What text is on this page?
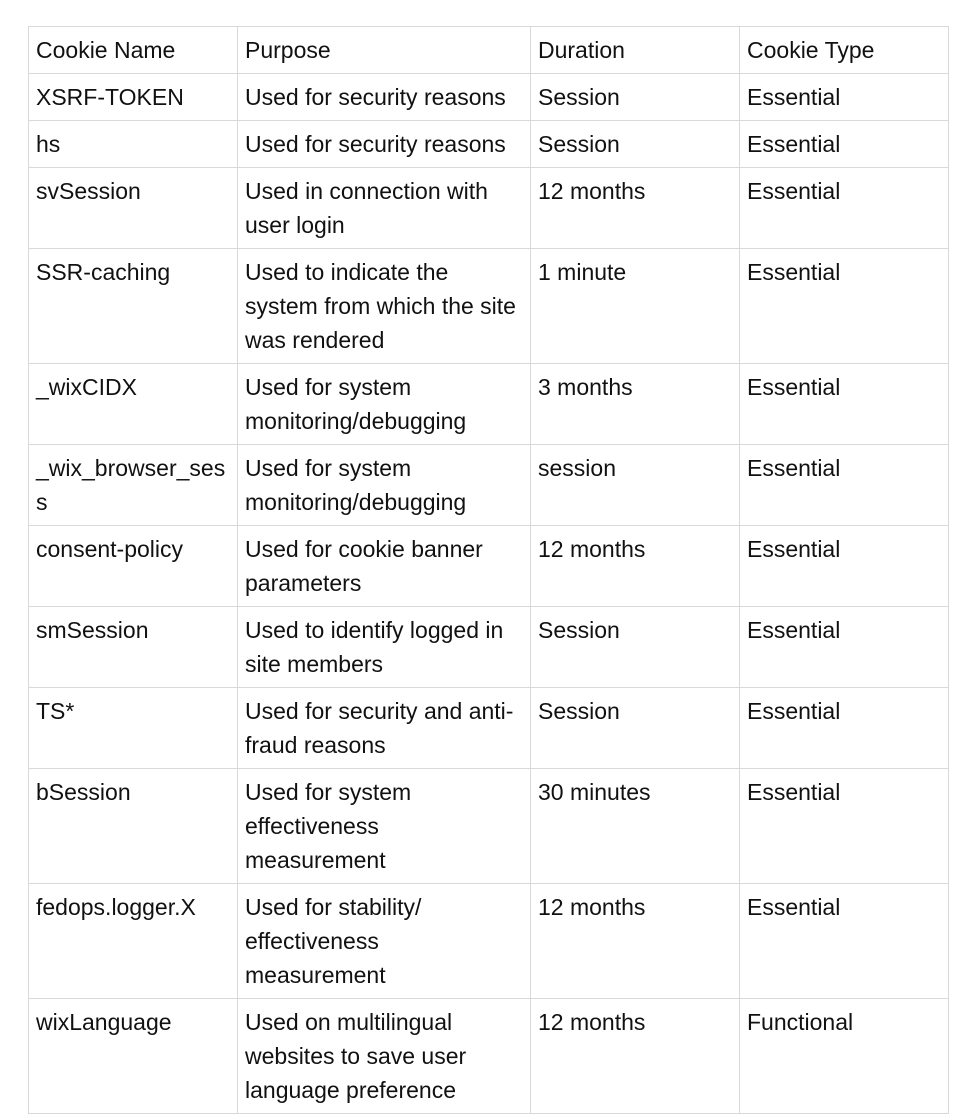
Cookie Name	Purpose	Duration	Cookie Type
XSRF-TOKEN	Used for security reasons	Session	Essential
hs	Used for security reasons	Session	Essential
svSession	Used in connection with user login	12 months	Essential
SSR-caching	Used to indicate the system from which the site was rendered	1 minute	Essential
_wixCIDX	Used for system monitoring/debugging	3 months	Essential
_wix_browser_sess	Used for system monitoring/debugging	session	Essential
consent-policy	Used for cookie banner parameters	12 months	Essential
smSession	Used to identify logged in site members	Session	Essential
TS*	Used for security and anti-fraud reasons	Session	Essential
bSession	Used for system effectiveness measurement	30 minutes	Essential
fedops.logger.X	Used for stability/ effectiveness measurement	12 months	Essential
wixLanguage	Used on multilingual websites to save user language preference	12 months	Functional
